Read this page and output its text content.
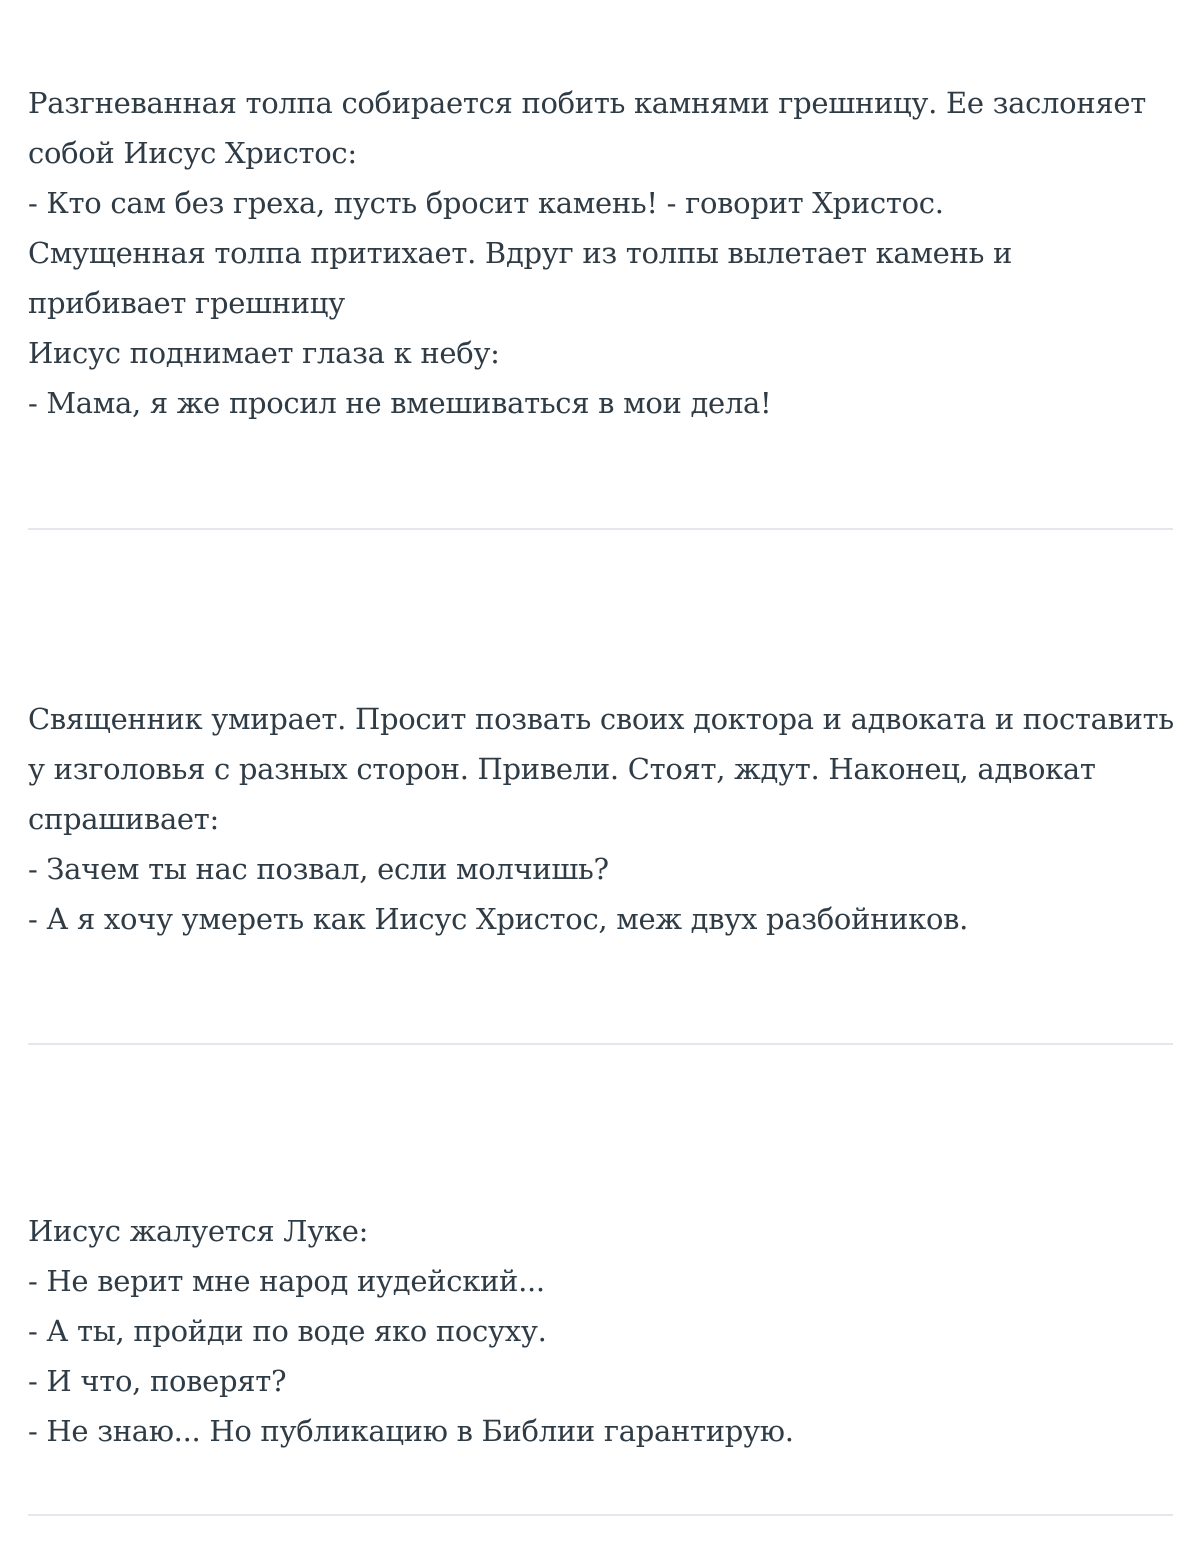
Разгневанная толпа собирается побить камнями грешницу. Ее заслоняет
собой Иисус Христос:
- Кто сам без греха, пусть бросит камень! - говорит Христос.
Смущенная толпа притихает. Вдруг из толпы вылетает камень и
прибивает грешницу
Иисус поднимает глаза к небу:
- Мама, я же просил не вмешиваться в мои дела!
Священник умирает. Просит позвать своих доктора и адвоката и поставить
у изголовья с разных сторон. Привели. Стоят, ждут. Наконец, адвокат
спрашивает:
- Зачем ты нас позвал, если молчишь?
- А я хочу умереть как Иисус Христос, меж двух разбойников.
Иисус жалуется Луке:
- Не верит мне народ иудейский...
- А ты, пройди по воде яко посуху.
- И что, поверят?
- Не знаю... Но публикацию в Библии гарантирую.
